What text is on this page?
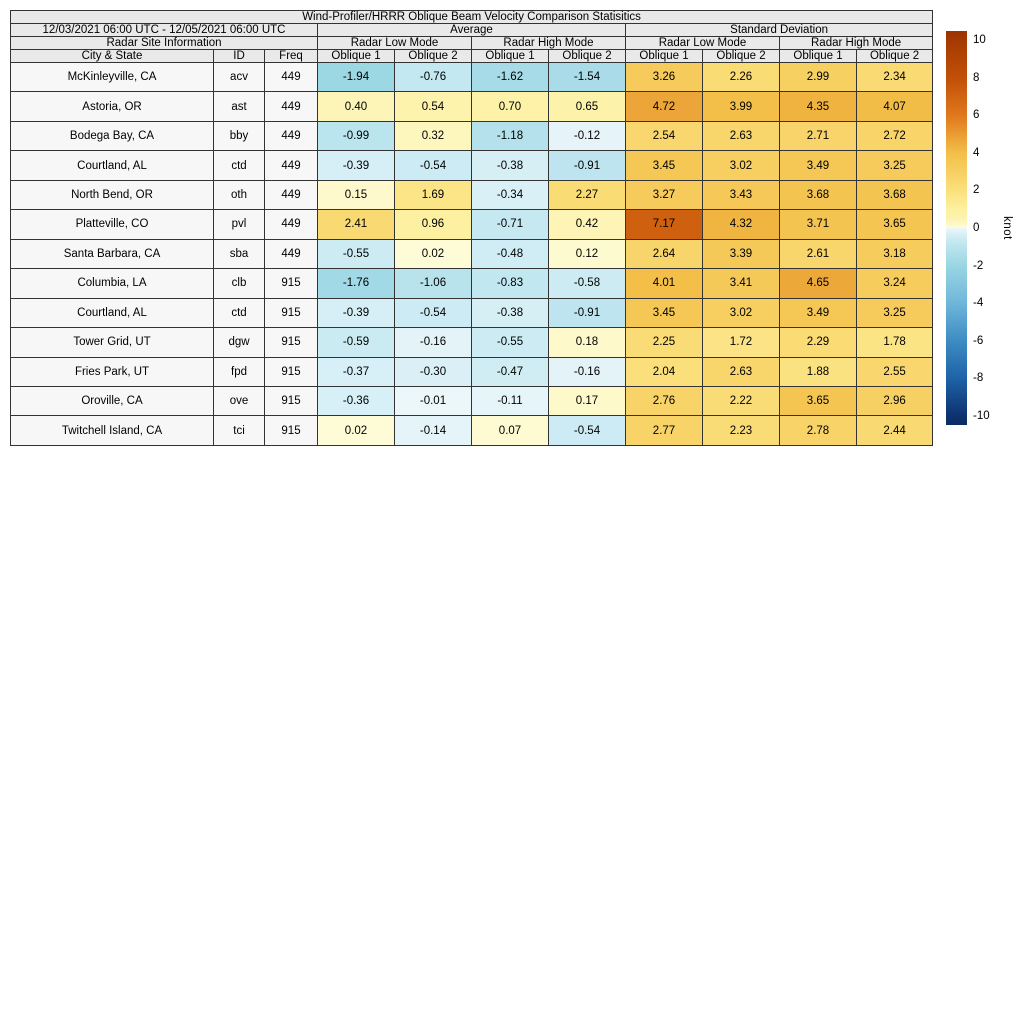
Wind-Profiler/HRRR Oblique Beam Velocity Comparison Statisitics										
12/03/2021 06:00 UTC - 12/05/2021 06:00 UTC			Average				Standard Deviation			
Radar Site Information			Radar Low Mode		Radar High Mode		Radar Low Mode		Radar High Mode	
City & State	ID	Freq	Oblique 1	Oblique 2	Oblique 1	Oblique 2	Oblique 1	Oblique 2	Oblique 1	Oblique 2
McKinleyville, CA	acv	449	-1.94	-0.76	-1.62	-1.54	3.26	2.26	2.99	2.34
Astoria, OR	ast	449	0.40	0.54	0.70	0.65	4.72	3.99	4.35	4.07
Bodega Bay, CA	bby	449	-0.99	0.32	-1.18	-0.12	2.54	2.63	2.71	2.72
Courtland, AL	ctd	449	-0.39	-0.54	-0.38	-0.91	3.45	3.02	3.49	3.25
North Bend, OR	oth	449	0.15	1.69	-0.34	2.27	3.27	3.43	3.68	3.68
Platteville, CO	pvl	449	2.41	0.96	-0.71	0.42	7.17	4.32	3.71	3.65
Santa Barbara, CA	sba	449	-0.55	0.02	-0.48	0.12	2.64	3.39	2.61	3.18
Columbia, LA	clb	915	-1.76	-1.06	-0.83	-0.58	4.01	3.41	4.65	3.24
Courtland, AL	ctd	915	-0.39	-0.54	-0.38	-0.91	3.45	3.02	3.49	3.25
Tower Grid, UT	dgw	915	-0.59	-0.16	-0.55	0.18	2.25	1.72	2.29	1.78
Fries Park, UT	fpd	915	-0.37	-0.30	-0.47	-0.16	2.04	2.63	1.88	2.55
Oroville, CA	ove	915	-0.36	-0.01	-0.11	0.17	2.76	2.22	3.65	2.96
Twitchell Island, CA	tci	915	0.02	-0.14	0.07	-0.54	2.77	2.23	2.78	2.44
10
8
6
4
2
0
-2
-4
-6
-8
-10
knot
